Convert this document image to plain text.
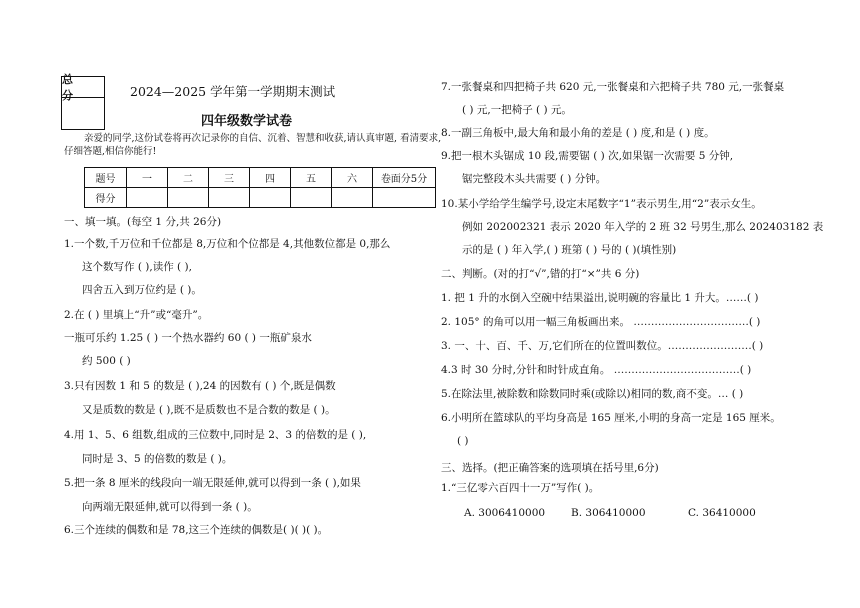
总 分	2024—2025 学年第一学期期末测试
四年级数学试卷
亲爱的同学,这份试卷将再次记录你的自信、沉着、智慧和收获,请认真审题, 看清要求,
仔细答题,相信你能行!
题号	一	二	三	四	五	六	卷面分5分
得分							
一、填一填。(每空 1 分,共 26分)
1.一个数,千万位和千位都是 8,万位和个位都是 4,其他数位都是 0,那么
这个数写作 ( ),读作 ( ),
四舍五入到万位约是 ( )。
2.在 ( ) 里填上“升”或“毫升”。
一瓶可乐约 1.25 ( ) 一个热水器约 60 ( ) 一瓶矿泉水
约 500 ( )
3.只有因数 1 和 5 的数是 ( ),24 的因数有 ( ) 个,既是偶数
又是质数的数是 ( ),既不是质数也不是合数的数是 ( )。
4.用 1、5、6 组数,组成的三位数中,同时是 2、3 的倍数的是 ( ),
同时是 3、5 的倍数的数是 ( )。
5.把一条 8 厘米的线段向一端无限延伸,就可以得到一条 ( ),如果
向两端无限延伸,就可以得到一条 ( )。
6.三个连续的偶数和是 78,这三个连续的偶数是( )( )( )。
7.一张餐桌和四把椅子共 620 元,一张餐桌和六把椅子共 780 元,一张餐桌
( ) 元,一把椅子 ( ) 元。
8.一副三角板中,最大角和最小角的差是 ( ) 度,和是 ( ) 度。
9.把一根木头锯成 10 段,需要锯 ( ) 次,如果锯一次需要 5 分钟,
锯完整段木头共需要 ( ) 分钟。
10.某小学给学生编学号,设定末尾数字“1”表示男生,用“2”表示女生。
例如 202002321 表示 2020 年入学的 2 班 32 号男生,那么 202403182 表
示的是 ( ) 年入学,( ) 班第 ( ) 号的 ( )(填性别)
二、判断。(对的打“√”,错的打“×”共 6 分)
1. 把 1 升的水倒入空碗中结果溢出,说明碗的容量比 1 升大。……( )
2. 105° 的角可以用一幅三角板画出来。 ……………………………( )
3. 一、十、百、千、万,它们所在的位置叫数位。……………………( )
4.3 时 30 分时,分针和时针成直角。 ………………………………( )
5.在除法里,被除数和除数同时乘(或除以)相同的数,商不变。… ( )
6.小明所在篮球队的平均身高是 165 厘米,小明的身高一定是 165 厘米。
( )
三、选择。(把正确答案的选项填在括号里,6分)
1.“三亿零六百四十一万”写作( )。
A. 3006410000 B. 306410000	C. 36410000
